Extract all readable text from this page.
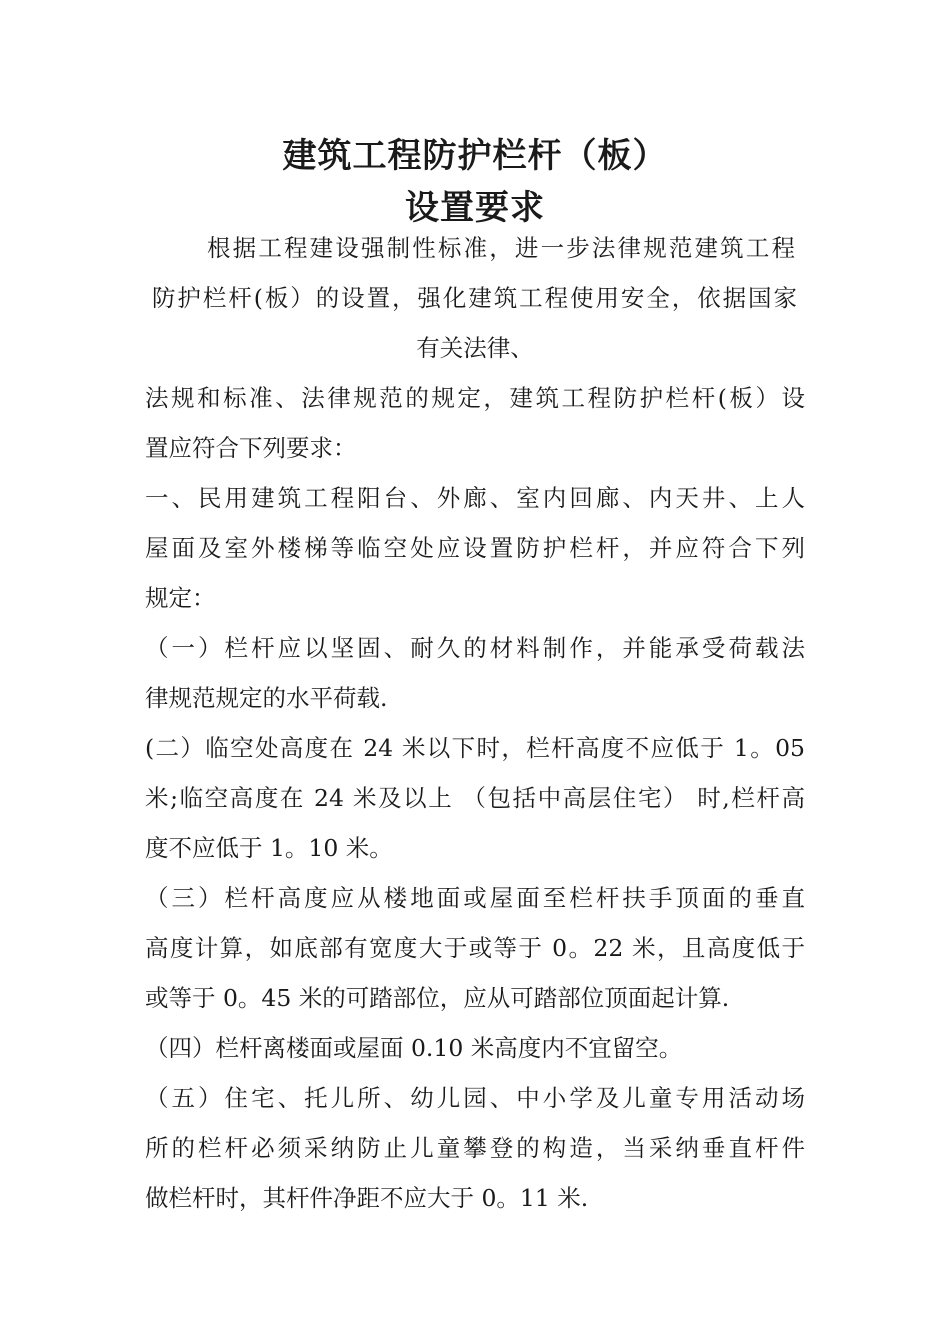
建筑工程防护栏杆（板）
设置要求
根据工程建设强制性标准，进一步法律规范建筑工程
防护栏杆(板）的设置，强化建筑工程使用安全，依据国家
有关法律、
法规和标准、法律规范的规定，建筑工程防护栏杆(板）设
置应符合下列要求：
一、民用建筑工程阳台、外廊、室内回廊、内天井、上人
屋面及室外楼梯等临空处应设置防护栏杆，并应符合下列
规定：
（一）栏杆应以坚固、耐久的材料制作，并能承受荷载法
律规范规定的水平荷载.
(二）临空处高度在 24 米以下时，栏杆高度不应低于 1。05
米;临空高度在 24 米及以上 （包括中高层住宅） 时,栏杆高
度不应低于 1。10 米。
（三）栏杆高度应从楼地面或屋面至栏杆扶手顶面的垂直
高度计算，如底部有宽度大于或等于 0。22 米，且高度低于
或等于 0。45 米的可踏部位，应从可踏部位顶面起计算.
（四）栏杆离楼面或屋面 0.10 米高度内不宜留空。
（五）住宅、托儿所、幼儿园、中小学及儿童专用活动场
所的栏杆必须采纳防止儿童攀登的构造，当采纳垂直杆件
做栏杆时，其杆件净距不应大于 0。11 米.
